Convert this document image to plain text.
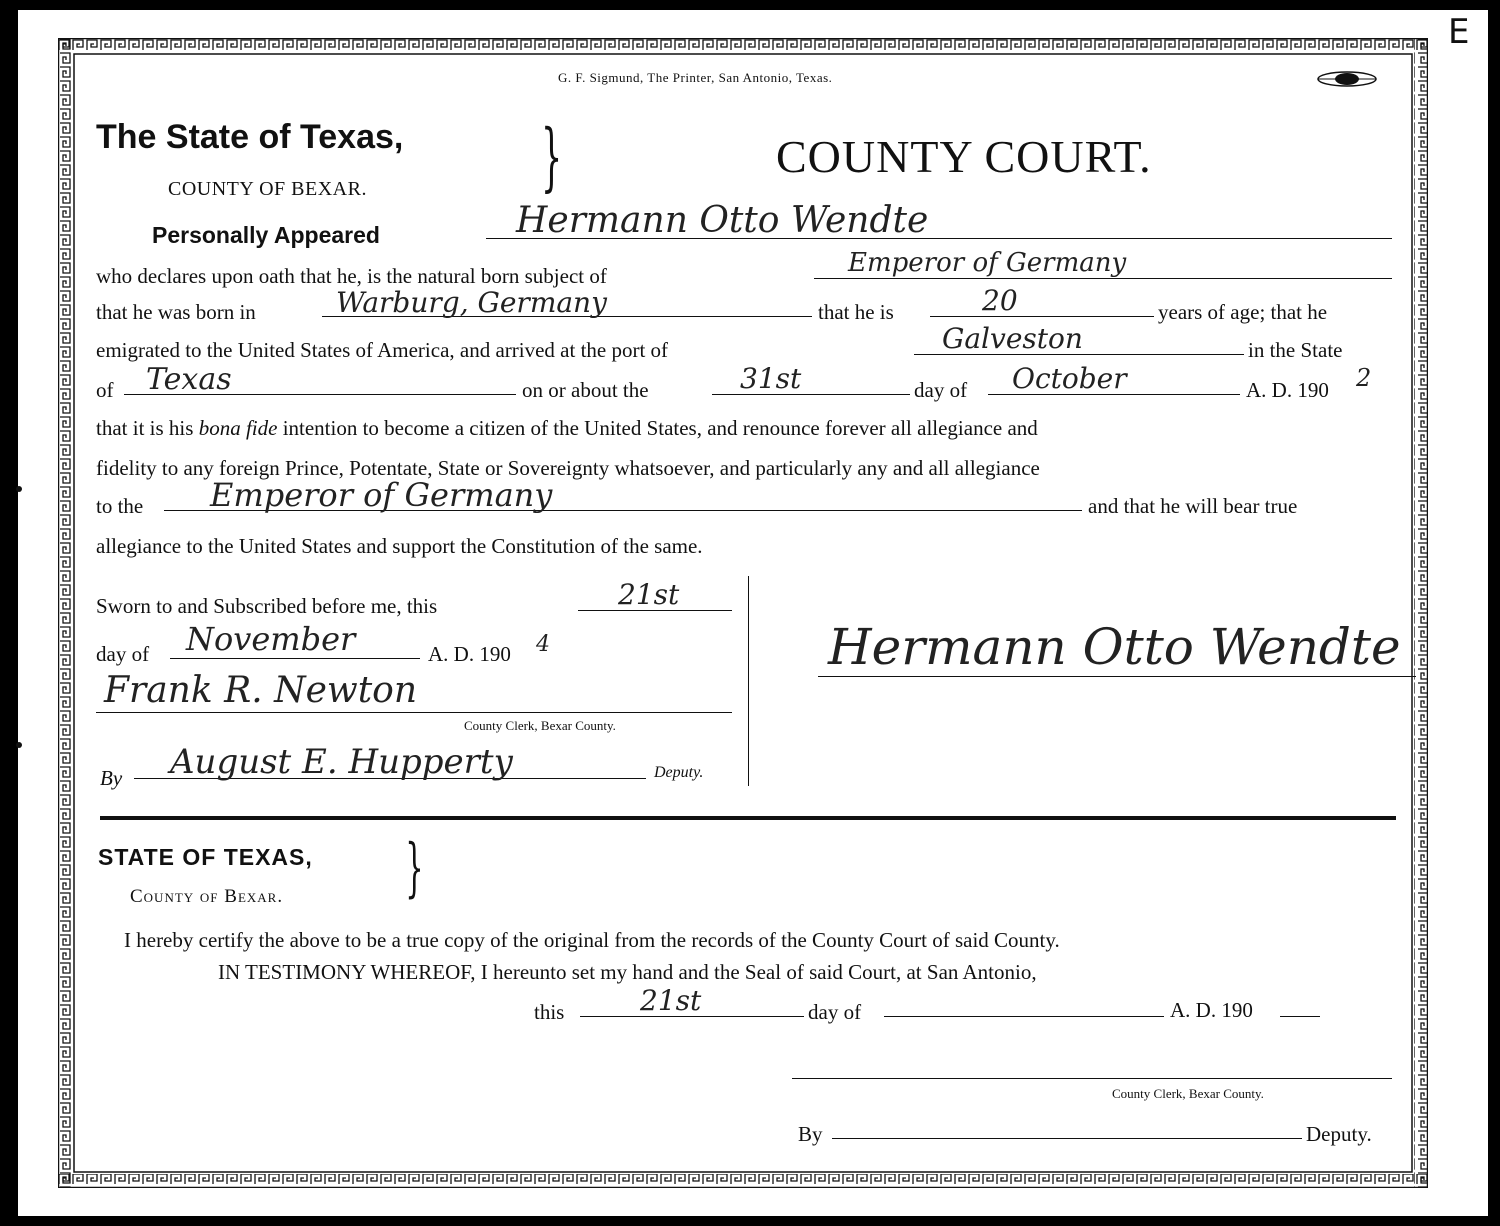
E
G. F. Sigmund, The Printer, San Antonio, Texas.
The State of Texas, }	COUNTY COURT.
COUNTY OF BEXAR.
Personally Appeared	Hermann Otto Wendte
who declares upon oath that he, is the natural born subject of	Emperor of Germany
that he was born in	Warburg, Germany	that he is	20	years of age; that he
emigrated to the United States of America, and arrived at the port of	Galveston	in the State
of Texas	on or about the	31st	day of October	A. D. 190 2
that it is his bona fide intention to become a citizen of the United States, and renounce forever all allegiance and
fidelity to any foreign Prince, Potentate, State or Sovereignty whatsoever, and particularly any and all allegiance
to the Emperor of Germany	and that he will bear true
allegiance to the United States and support the Constitution of the same.
Sworn to and Subscribed before me, this	21st
day of November	A. D. 190 4
Frank R. Newton
County Clerk, Bexar County.
By August E. Hupperty	Deputy.
Hermann Otto Wendte
STATE OF TEXAS, }
County of Bexar.
I hereby certify the above to be a true copy of the original from the records of the County Court of said County.
IN TESTIMONY WHEREOF, I hereunto set my hand and the Seal of said Court, at San Antonio,
this	21st	day of	A. D. 190
County Clerk, Bexar County.
By	Deputy.
